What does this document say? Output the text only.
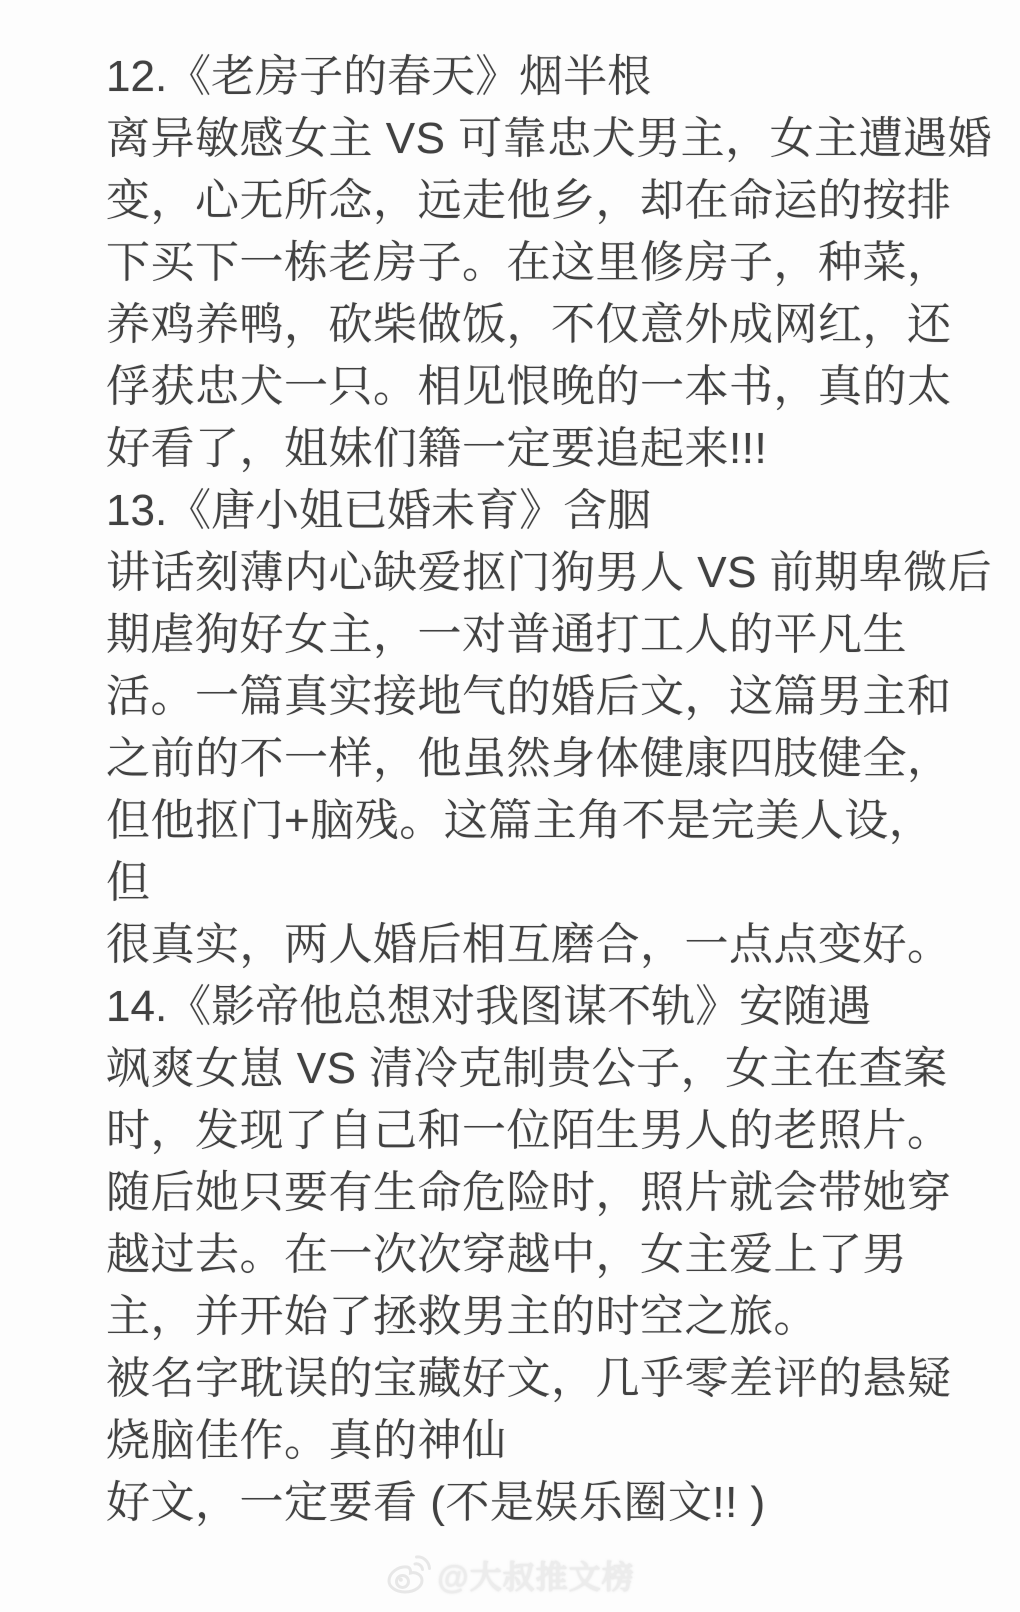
12.《老房子的春天》烟半根
离异敏感女主 VS 可靠忠犬男主，女主遭遇婚
变，心无所念，远走他乡，却在命运的按排
下买下一栋老房子。在这里修房子，种菜，
养鸡养鸭，砍柴做饭，不仅意外成网红，还
俘获忠犬一只。相见恨晚的一本书，真的太
好看了，姐妹们籍一定要追起来!!!
13.《唐小姐已婚未育》含胭
讲话刻薄内心缺爱抠门狗男人 VS 前期卑微后
期虐狗好女主，一对普通打工人的平凡生
活。一篇真实接地气的婚后文，这篇男主和
之前的不一样，他虽然身体健康四肢健全，
但他抠门+脑残。这篇主角不是完美人设，
但
很真实，两人婚后相互磨合，一点点变好。
14.《影帝他总想对我图谋不轨》安随遇
飒爽女崽 VS 清冷克制贵公子，女主在查案
时，发现了自己和一位陌生男人的老照片。
随后她只要有生命危险时，照片就会带她穿
越过去。在一次次穿越中，女主爱上了男
主，并开始了拯救男主的时空之旅。
被名字耽误的宝藏好文，几乎零差评的悬疑
烧脑佳作。真的神仙
好文，一定要看 (不是娱乐圈文!! )
@大叔推文榜
